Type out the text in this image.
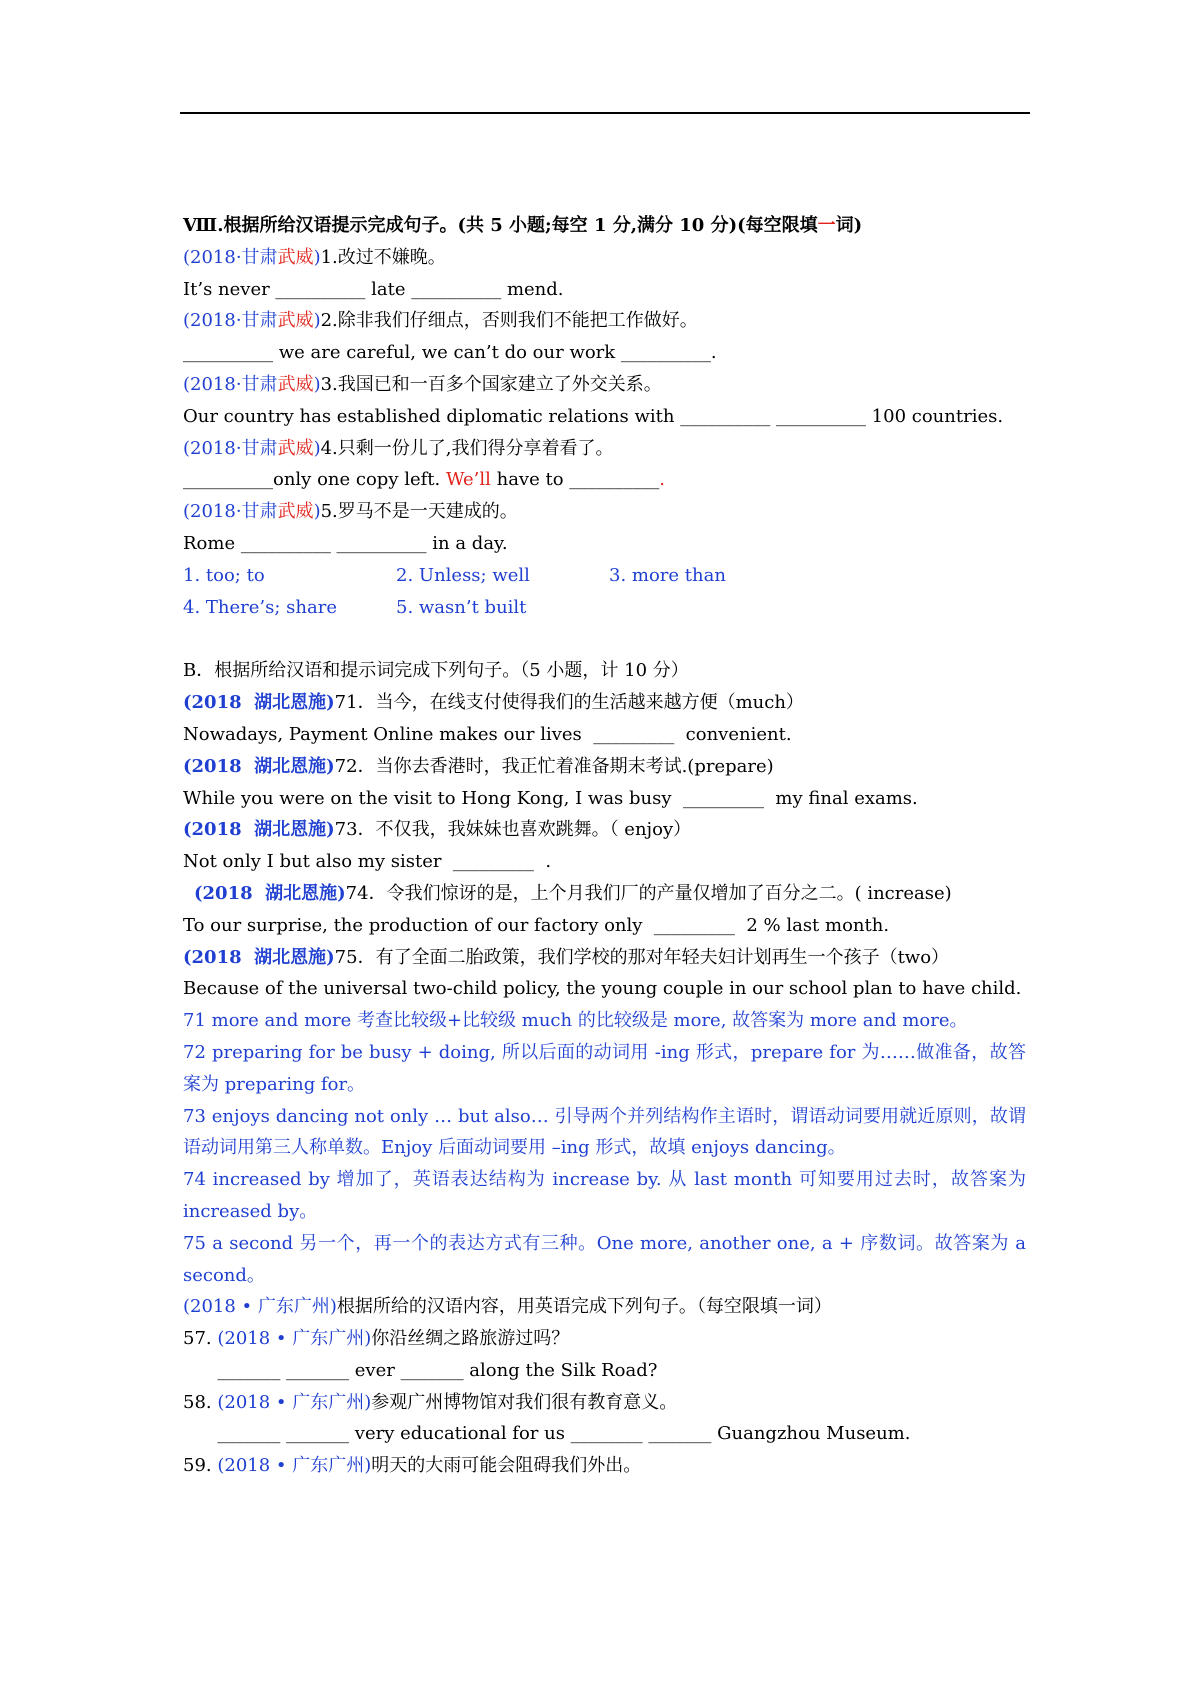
Ⅷ.根据所给汉语提示完成句子。(共 5 小题;每空 1 分,满分 10 分)(每空限填一词)
(2018·甘肃武威)1.改过不嫌晚。
It’s never __________ late __________ mend.
(2018·甘肃武威)2.除非我们仔细点，否则我们不能把工作做好。
__________ we are careful, we can’t do our work __________.
(2018·甘肃武威)3.我国已和一百多个国家建立了外交关系。
Our country has established diplomatic relations with __________ __________ 100 countries.
(2018·甘肃武威)4.只剩一份儿了,我们得分享着看了。
__________only one copy left. We’ll have to __________.
(2018·甘肃武威)5.罗马不是一天建成的。
Rome __________ __________ in a day.
1. too; to	2. Unless; well	3. more than
4. There’s; share	5. wasn’t built
B．根据所给汉语和提示词完成下列句子。（5 小题，计 10 分）
(2018  湖北恩施)71．当今，在线支付使得我们的生活越来越方便（much）
Nowadays, Payment Online makes our lives  _________  convenient.
(2018  湖北恩施)72．当你去香港时，我正忙着准备期末考试.(prepare)
While you were on the visit to Hong Kong, I was busy  _________  my final exams.
(2018  湖北恩施)73．不仅我，我妹妹也喜欢跳舞。（ enjoy）
Not only I but also my sister  _________  .
(2018  湖北恩施)74．令我们惊讶的是，上个月我们厂的产量仅增加了百分之二。( increase)
To our surprise, the production of our factory only  _________  2 % last month.
(2018  湖北恩施)75．有了全面二胎政策，我们学校的那对年轻夫妇计划再生一个孩子（two）
Because of the universal two-child policy, the young couple in our school plan to have child.
71 more and more 考查比较级+比较级 much 的比较级是 more, 故答案为 more and more。
72 preparing for be busy + doing, 所以后面的动词用 -ing 形式，prepare for 为……做准备，故答案为 preparing for。
73 enjoys dancing not only … but also… 引导两个并列结构作主语时，谓语动词要用就近原则，故谓语动词用第三人称单数。Enjoy 后面动词要用 –ing 形式，故填 enjoys dancing。
74 increased by 增加了，英语表达结构为 increase by. 从 last month 可知要用过去时，故答案为 increased by。
75 a second 另一个，再一个的表达方式有三种。One more, another one, a + 序数词。故答案为 a second。
(2018 • 广东广州)根据所给的汉语内容，用英语完成下列句子。（每空限填一词）
57. (2018 • 广东广州)你沿丝绸之路旅游过吗？
_______ _______ ever _______ along the Silk Road?
58. (2018 • 广东广州)参观广州博物馆对我们很有教育意义。
_______ _______ very educational for us ________ _______ Guangzhou Museum.
59. (2018 • 广东广州)明天的大雨可能会阻碍我们外出。
